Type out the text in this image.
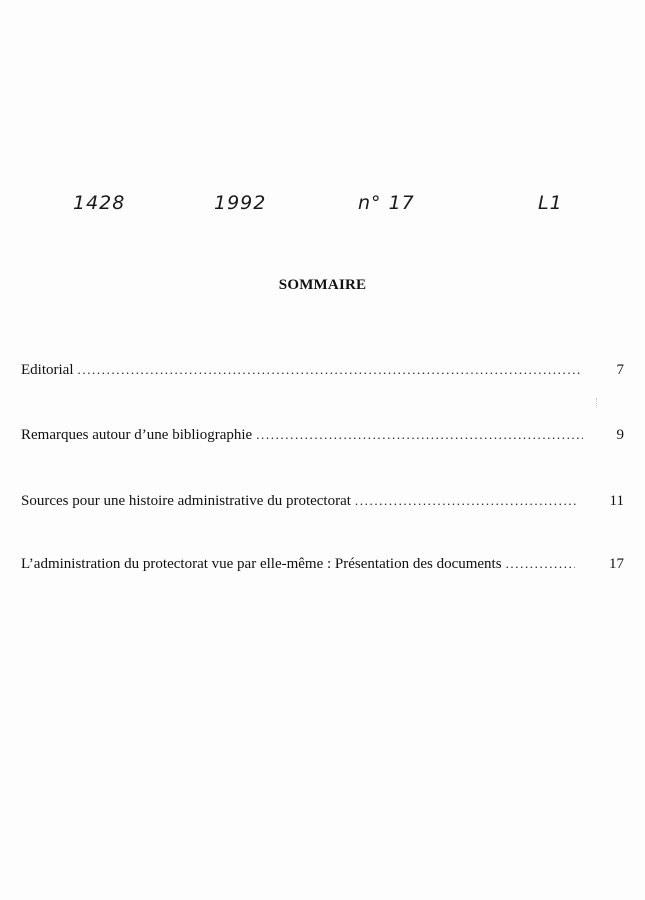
1428	1992	n° 17	L1
SOMMAIRE
Editorial .....	7
Remarques autour d’une bibliographie .....	9
Sources pour une histoire administrative du protectorat .....	11
L’administration du protectorat vue par elle-même : Présentation des documents .....	17
